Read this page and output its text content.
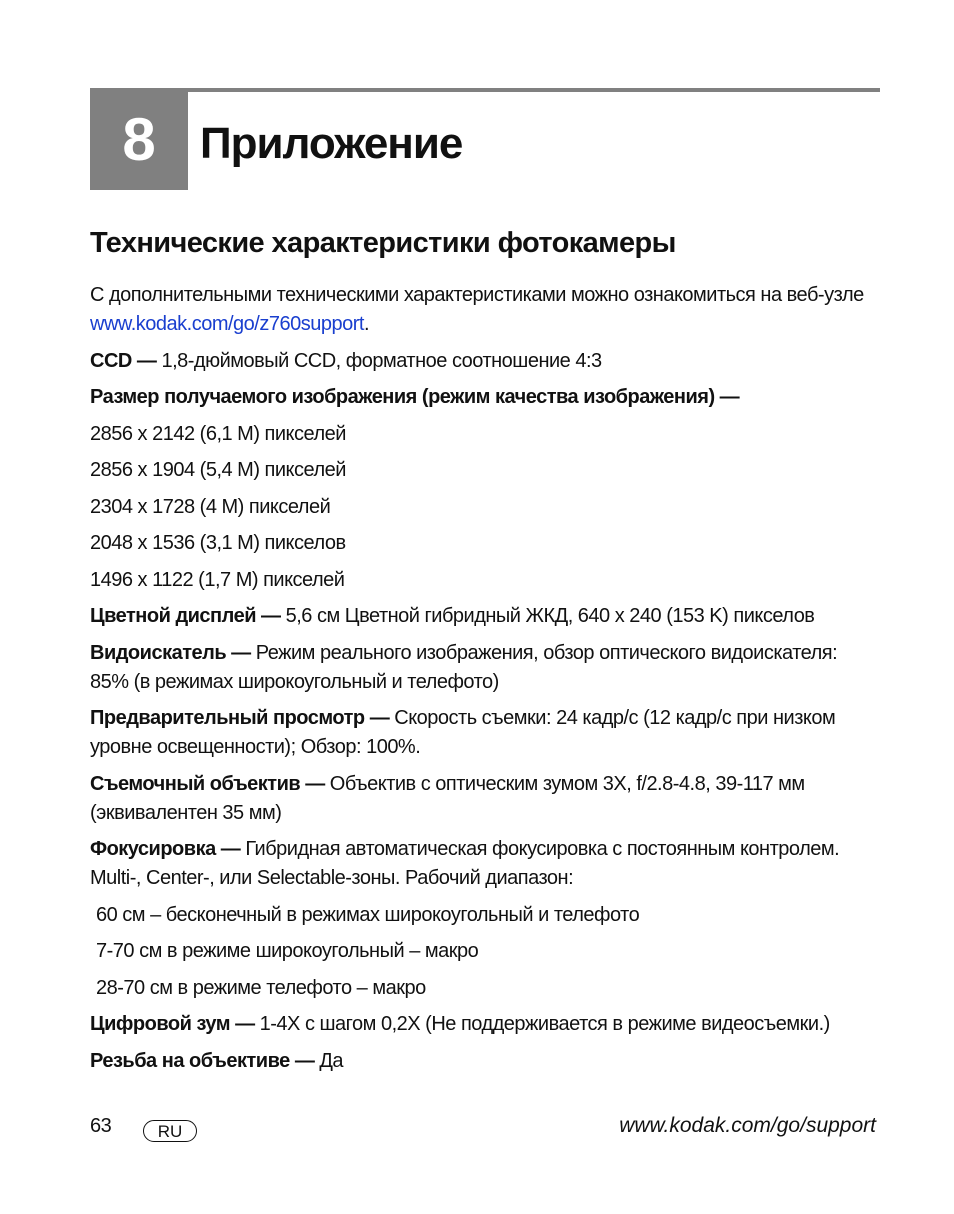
8 Приложение
Технические характеристики фотокамеры

С дополнительными техническими характеристиками можно ознакомиться на веб-узле www.kodak.com/go/z760support.

CCD — 1,8-дюймовый CCD, форматное соотношение 4:3

Размер получаемого изображения (режим качества изображения) —

2856 x 2142 (6,1 M) пикселей

2856 x 1904 (5,4 M) пикселей

2304 x 1728 (4 M) пикселей

2048 x 1536 (3,1 M) пикселов

1496 x 1122 (1,7 M) пикселей

Цветной дисплей — 5,6 см Цветной гибридный ЖКД, 640 x 240 (153 K) пикселов

Видоискатель — Режим реального изображения, обзор оптического видоискателя: 85% (в режимах широкоугольный и телефото)

Предварительный просмотр — Скорость съемки: 24 кадр/с (12 кадр/с при низком уровне освещенности); Обзор: 100%.

Съемочный объектив — Объектив с оптическим зумом 3X, f/2.8-4.8, 39-117 мм (эквивалентен 35 мм)

Фокусировка — Гибридная автоматическая фокусировка с постоянным контролем. Multi-, Center-, или Selectable-зоны. Рабочий диапазон:

60 см – бесконечный в режимах широкоугольный и телефото

7-70 см в режиме широкоугольный – макро

28-70 см в режиме телефото – макро

Цифровой зум — 1-4X с шагом 0,2X (Не поддерживается в режиме видеосъемки.)

Резьба на объективе — Да

63	RU	www.kodak.com/go/support
